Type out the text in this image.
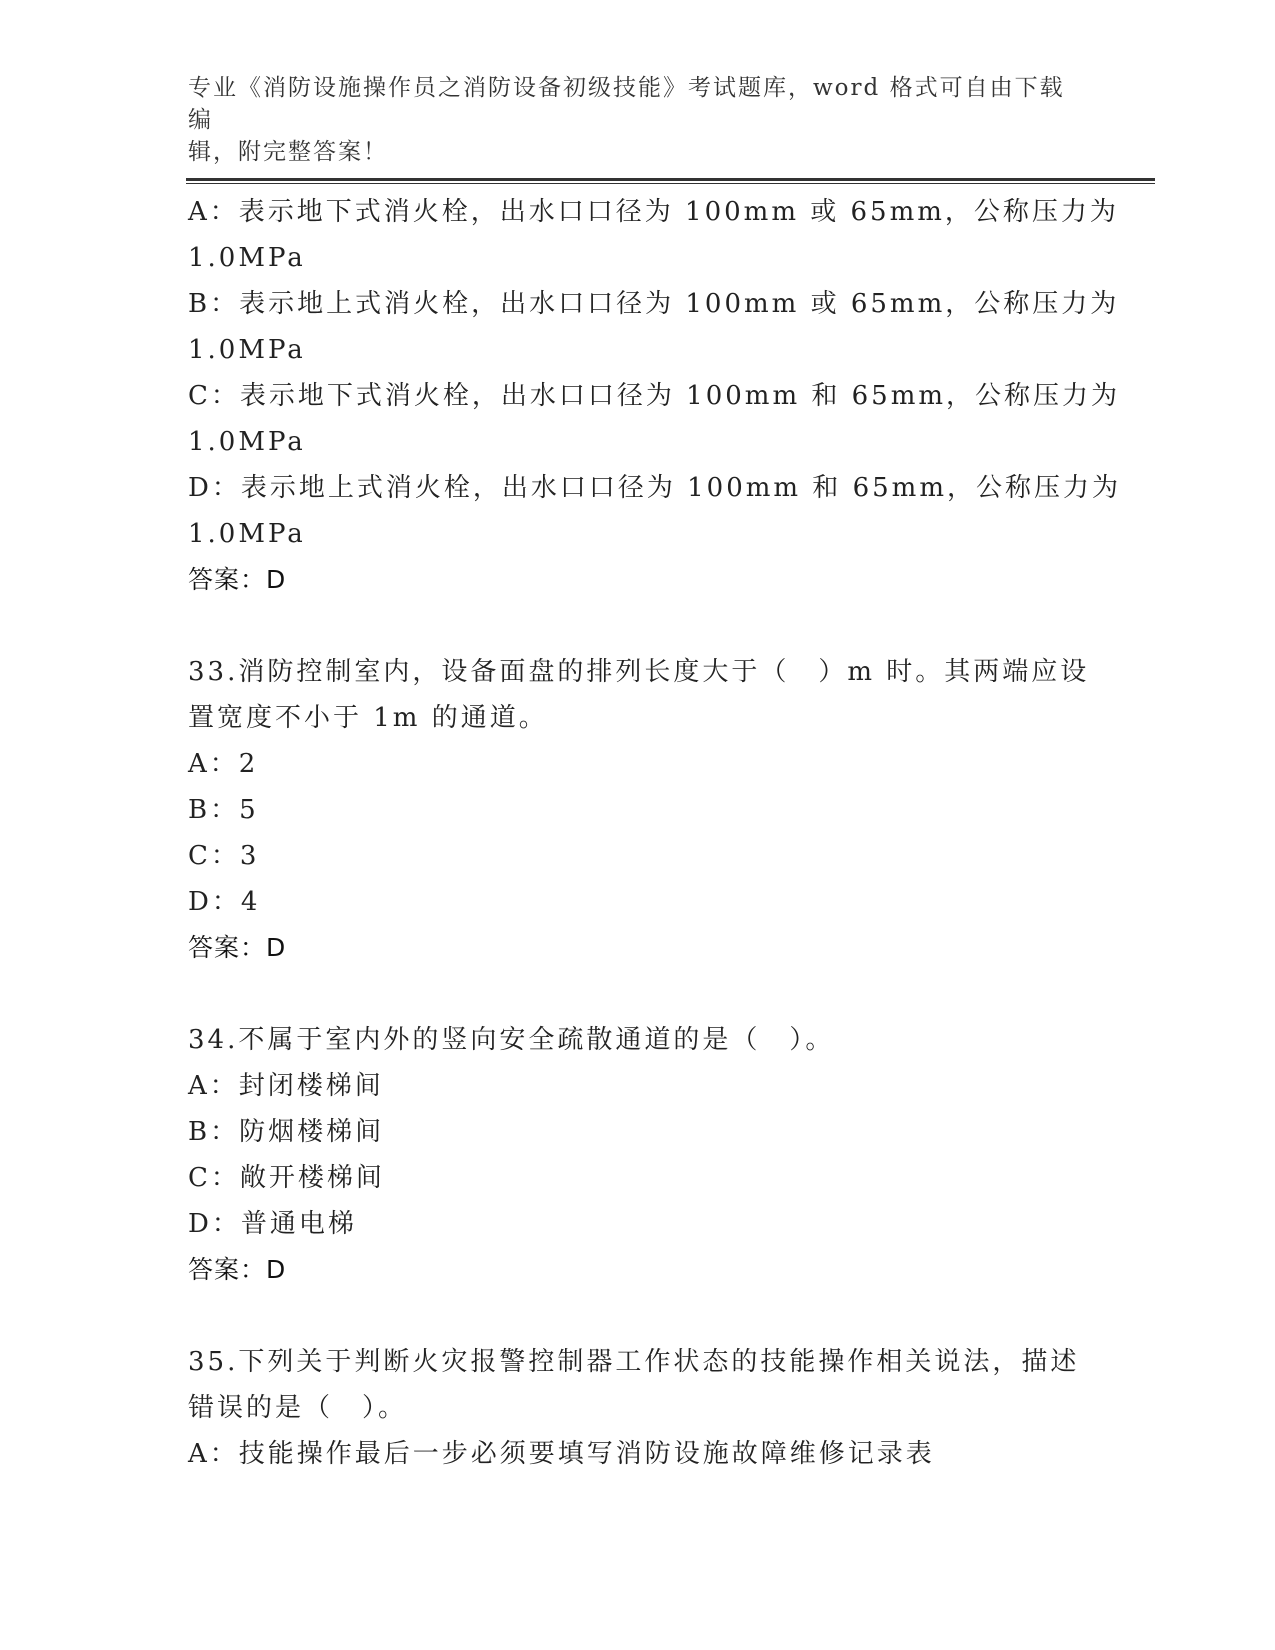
专业《消防设施操作员之消防设备初级技能》考试题库，word 格式可自由下载编
辑，附完整答案！
A：表示地下式消火栓，出水口口径为 100mm 或 65mm，公称压力为
1.0MPa
B：表示地上式消火栓，出水口口径为 100mm 或 65mm，公称压力为
1.0MPa
C：表示地下式消火栓，出水口口径为 100mm 和 65mm，公称压力为
1.0MPa
D：表示地上式消火栓，出水口口径为 100mm 和 65mm，公称压力为
1.0MPa
答案：D
33.消防控制室内，设备面盘的排列长度大于（　）m 时。其两端应设
置宽度不小于 1m 的通道。
A：2
B：5
C：3
D：4
答案：D
34.不属于室内外的竖向安全疏散通道的是（　）。
A：封闭楼梯间
B：防烟楼梯间
C：敞开楼梯间
D：普通电梯
答案：D
35.下列关于判断火灾报警控制器工作状态的技能操作相关说法，描述
错误的是（　）。
A：技能操作最后一步必须要填写消防设施故障维修记录表
